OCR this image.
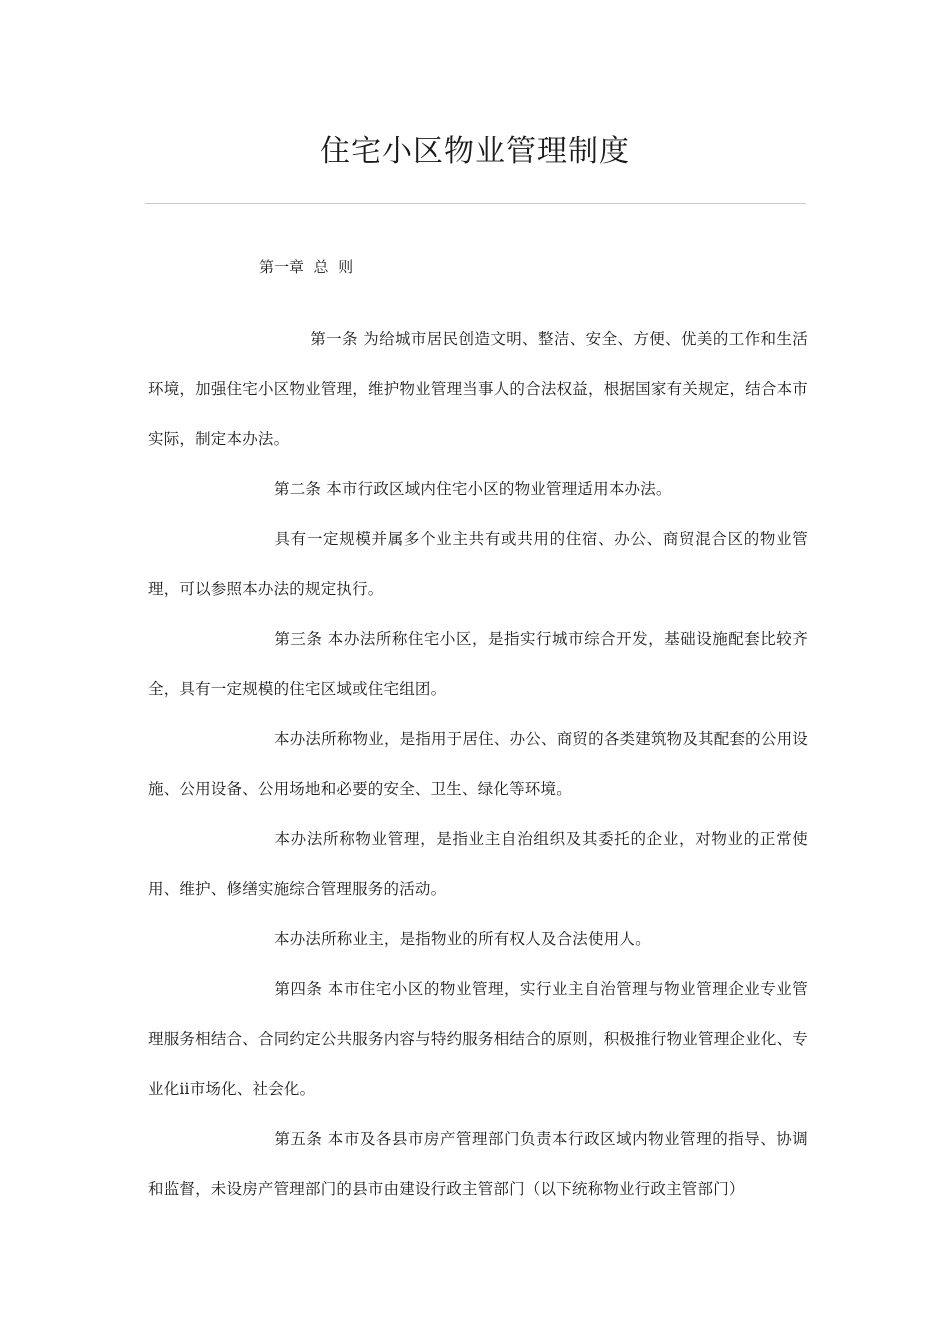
住宅小区物业管理制度
第一章  总  则

第一条 为给城市居民创造文明、整洁、安全、方便、优美的工作和生活环境，加强住宅小区物业管理，维护物业管理当事人的合法权益，根据国家有关规定，结合本市实际，制定本办法。

第二条 本市行政区域内住宅小区的物业管理适用本办法。

具有一定规模并属多个业主共有或共用的住宿、办公、商贸混合区的物业管理，可以参照本办法的规定执行。

第三条 本办法所称住宅小区，是指实行城市综合开发，基础设施配套比较齐全，具有一定规模的住宅区域或住宅组团。

本办法所称物业，是指用于居住、办公、商贸的各类建筑物及其配套的公用设施、公用设备、公用场地和必要的安全、卫生、绿化等环境。

本办法所称物业管理，是指业主自治组织及其委托的企业，对物业的正常使用、维护、修缮实施综合管理服务的活动。

本办法所称业主，是指物业的所有权人及合法使用人。

第四条 本市住宅小区的物业管理，实行业主自治管理与物业管理企业专业管理服务相结合、合同约定公共服务内容与特约服务相结合的原则，积极推行物业管理企业化、专业化ii市场化、社会化。

第五条 本市及各县市房产管理部门负责本行政区域内物业管理的指导、协调和监督，未设房产管理部门的县市由建设行政主管部门（以下统称物业行政主管部门）
